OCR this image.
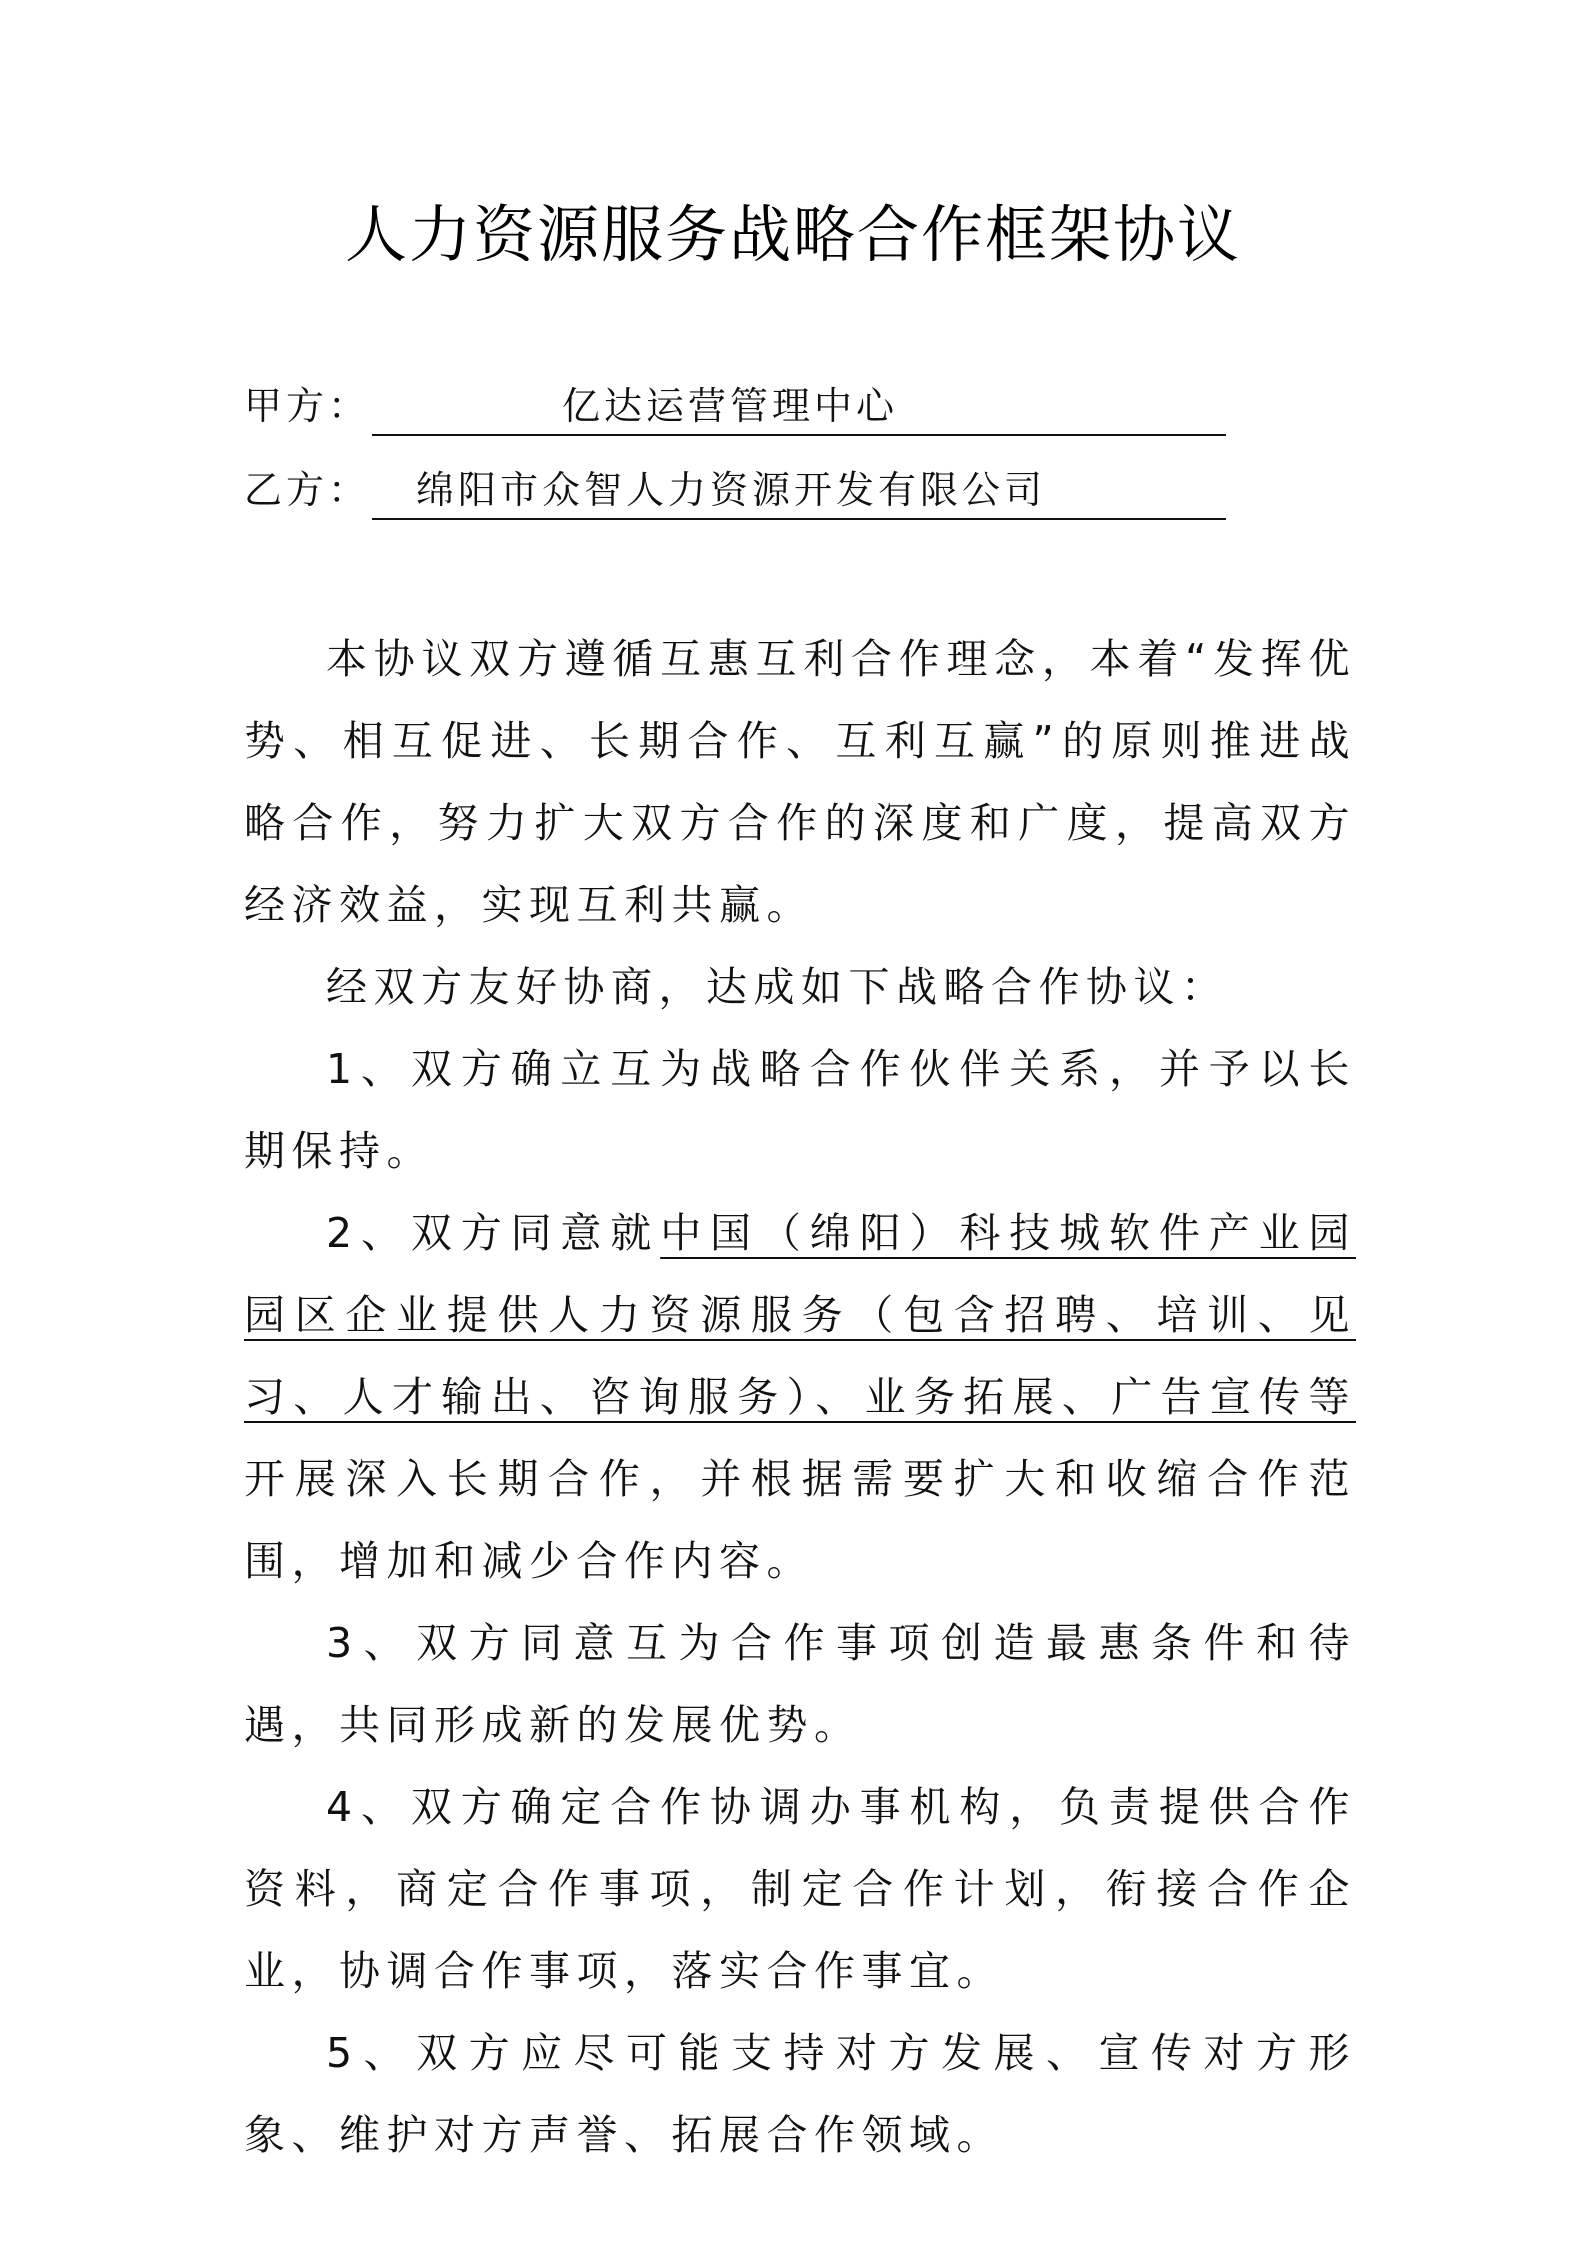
人力资源服务战略合作框架协议
甲方：	亿达运营管理中心
乙方： 绵阳市众智人力资源开发有限公司

本协议双方遵循互惠互利合作理念，本着“发挥优势、相互促进、长期合作、互利互赢”的原则推进战略合作，努力扩大双方合作的深度和广度，提高双方经济效益，实现互利共赢。

经双方友好协商，达成如下战略合作协议：

1、双方确立互为战略合作伙伴关系，并予以长期保持。

2、双方同意就中国（绵阳）科技城软件产业园园区企业提供人力资源服务（包含招聘、培训、见习、人才输出、咨询服务）、业务拓展、广告宣传等开展深入长期合作，并根据需要扩大和收缩合作范围，增加和减少合作内容。

3、双方同意互为合作事项创造最惠条件和待遇，共同形成新的发展优势。

4、双方确定合作协调办事机构，负责提供合作资料，商定合作事项，制定合作计划，衔接合作企业，协调合作事项，落实合作事宜。

5、双方应尽可能支持对方发展、宣传对方形象、维护对方声誉、拓展合作领域。
